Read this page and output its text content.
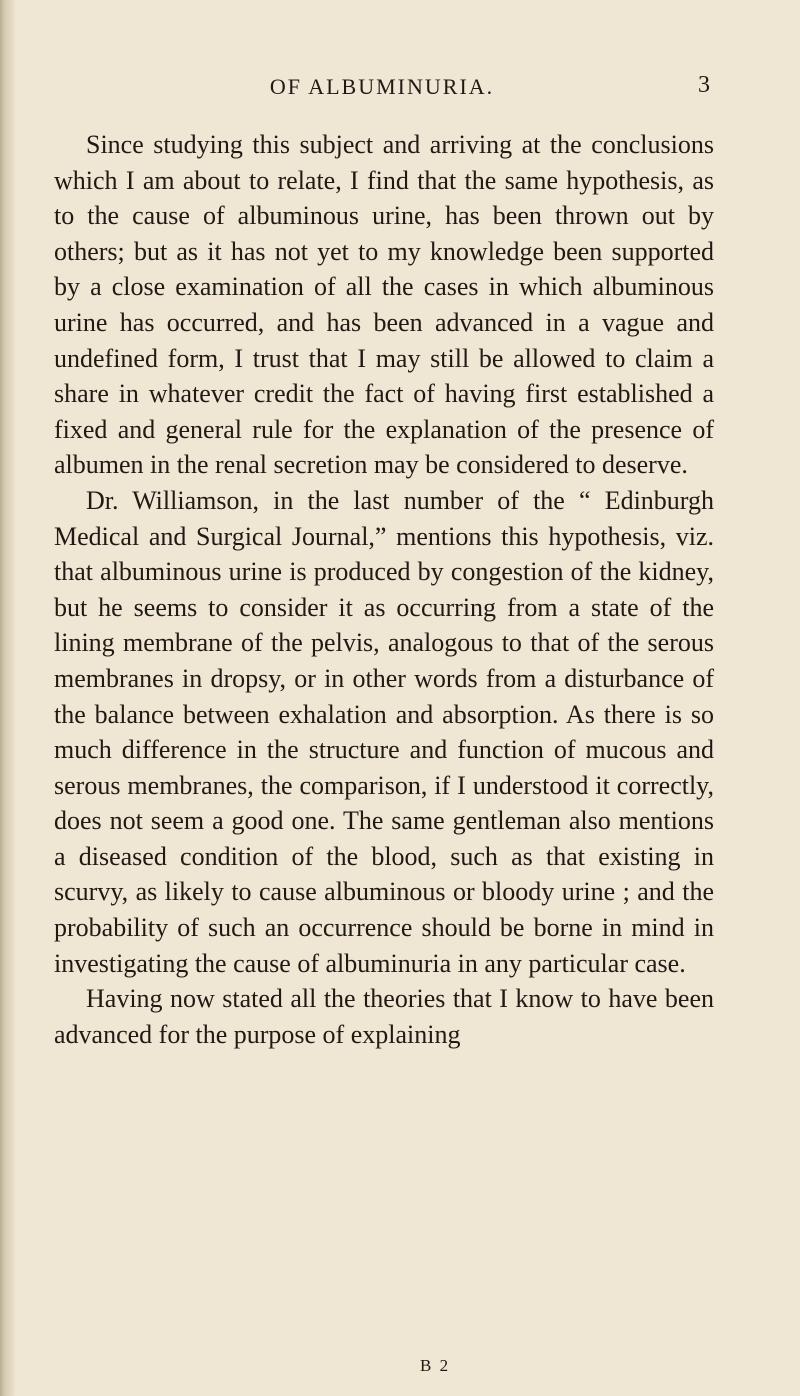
OF ALBUMINURIA.	3

Since studying this subject and arriving at the conclusions which I am about to relate, I find that the same hypothesis, as to the cause of albuminous urine, has been thrown out by others; but as it has not yet to my knowledge been supported by a close examination of all the cases in which albuminous urine has occurred, and has been advanced in a vague and undefined form, I trust that I may still be allowed to claim a share in whatever credit the fact of having first established a fixed and general rule for the explanation of the presence of albumen in the renal secretion may be considered to deserve.

Dr. Williamson, in the last number of the “ Edinburgh Medical and Surgical Journal,” mentions this hypothesis, viz. that albuminous urine is produced by congestion of the kidney, but he seems to consider it as occurring from a state of the lining membrane of the pelvis, analogous to that of the serous membranes in dropsy, or in other words from a disturbance of the balance between exhalation and absorption. As there is so much difference in the structure and function of mucous and serous membranes, the comparison, if I understood it correctly, does not seem a good one. The same gentleman also mentions a diseased condition of the blood, such as that existing in scurvy, as likely to cause albuminous or bloody urine ; and the probability of such an occurrence should be borne in mind in investigating the cause of albuminuria in any particular case.

Having now stated all the theories that I know to have been advanced for the purpose of explaining

B 2
